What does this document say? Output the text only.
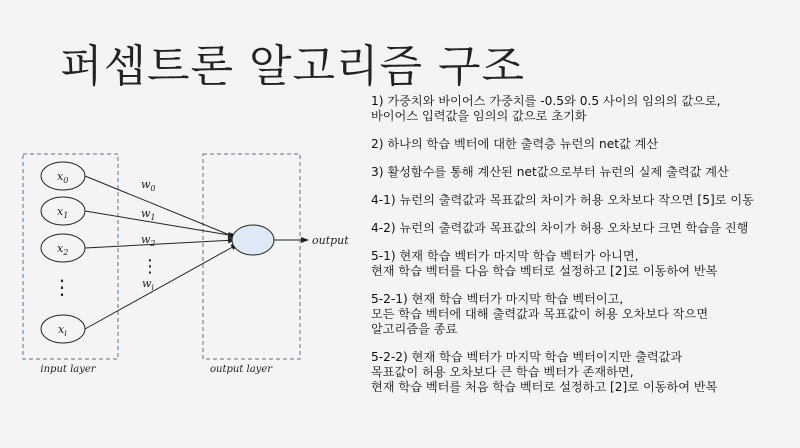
퍼셉트론 알고리즘 구조
$x_0$
$x_1$
$x_2$
⋮
$x_i$
$w_0$
$w_1$
$w_2$
⋮
$w_i$
output
input layer	output layer
1) 가중치와 바이어스 가중치를 -0.5와 0.5 사이의 임의의 값으로,
바이어스 입력값을 임의의 값으로 초기화
2) 하나의 학습 벡터에 대한 출력층 뉴런의 net값 계산
3) 활성함수를 통해 계산된 net값으로부터 뉴런의 실제 출력값 계산
4-1) 뉴런의 출력값과 목표값의 차이가 허용 오차보다 작으면 [5]로 이동
4-2) 뉴런의 출력값과 목표값의 차이가 허용 오차보다 크면 학습을 진행
5-1) 현재 학습 벡터가 마지막 학습 벡터가 아니면,
현재 학습 벡터를 다음 학습 벡터로 설정하고 [2]로 이동하여 반복
5-2-1) 현재 학습 벡터가 마지막 학습 벡터이고,
모든 학습 벡터에 대해 출력값과 목표값이 허용 오차보다 작으면
알고리즘을 종료
5-2-2) 현재 학습 벡터가 마지막 학습 벡터이지만 출력값과
목표값이 허용 오차보다 큰 학습 벡터가 존재하면,
현재 학습 벡터를 처음 학습 벡터로 설정하고 [2]로 이동하여 반복
